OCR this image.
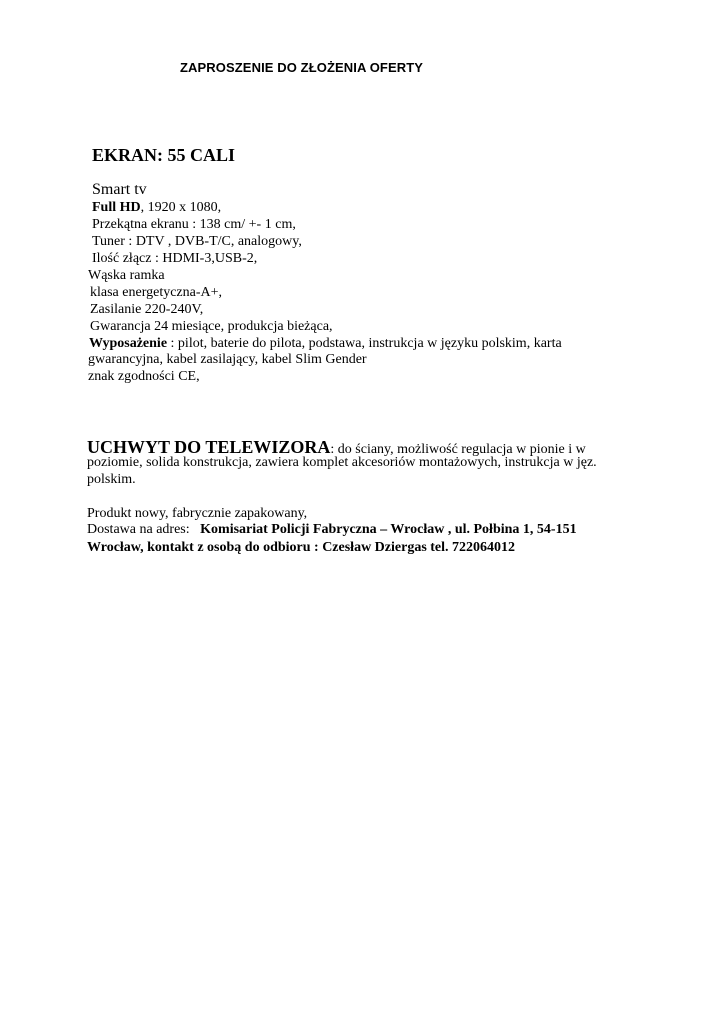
ZAPROSZENIE DO ZŁOŻENIA OFERTY
EKRAN: 55 CALI
Smart tv
Full HD, 1920 x 1080,
Przekątna ekranu : 138 cm/ +- 1 cm,
Tuner : DTV , DVB-T/C, analogowy,
Ilość złącz : HDMI-3,USB-2,
Wąska ramka
klasa energetyczna-A+,
Zasilanie 220-240V,
Gwarancja 24 miesiące, produkcja bieżąca,
Wyposażenie : pilot, baterie do pilota, podstawa, instrukcja w języku polskim, karta
gwarancyjna, kabel zasilający, kabel Slim Gender
znak zgodności CE,
UCHWYT DO TELEWIZORA: do ściany, możliwość regulacja w pionie i w
poziomie, solida konstrukcja, zawiera komplet akcesoriów montażowych, instrukcja w jęz.
polskim.
Produkt nowy, fabrycznie zapakowany,
Dostawa na adres:   Komisariat Policji Fabryczna – Wrocław , ul. Połbina 1, 54-151
Wrocław, kontakt z osobą do odbioru : Czesław Dziergas tel. 722064012
